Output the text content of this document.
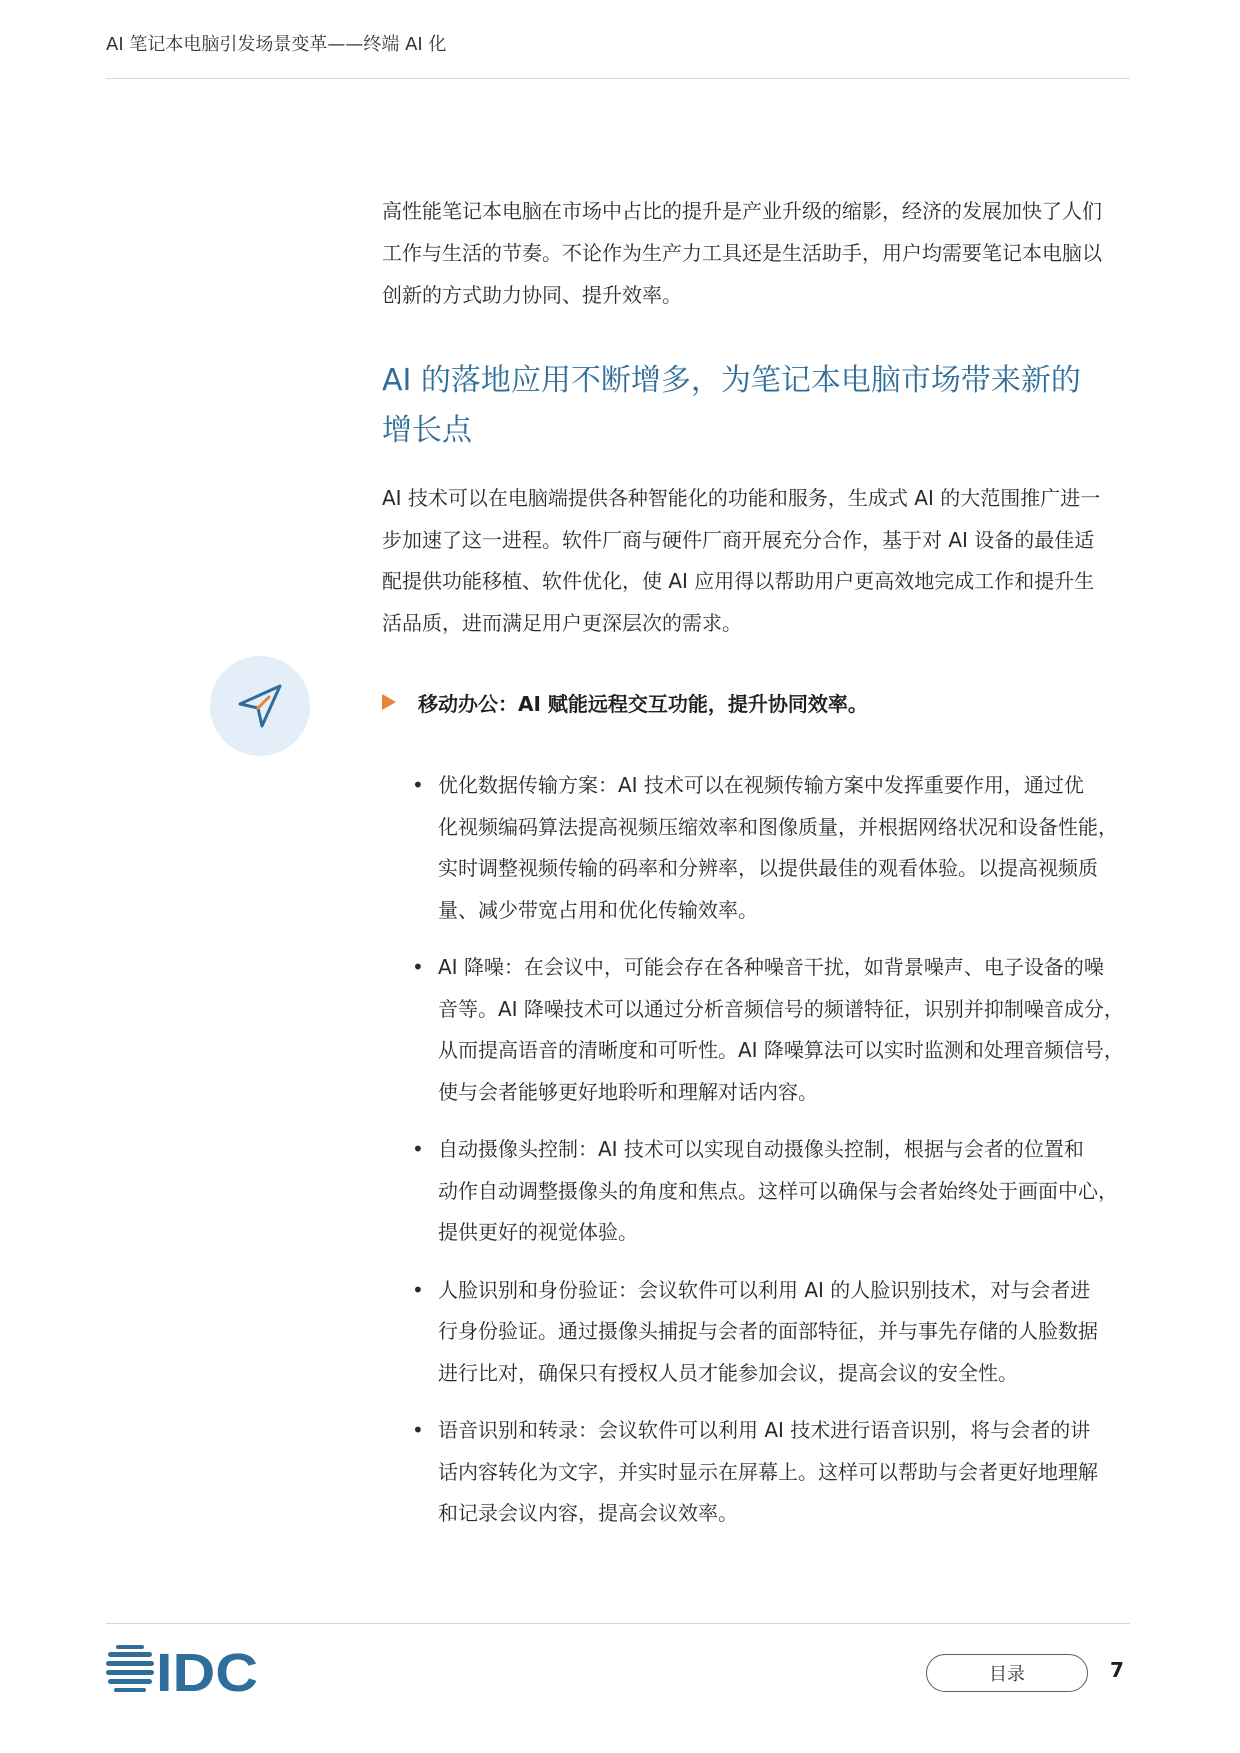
AI 笔记本电脑引发场景变革——终端 AI 化

高性能笔记本电脑在市场中占比的提升是产业升级的缩影，经济的发展加快了人们

工作与生活的节奏。不论作为生产力工具还是生活助手，用户均需要笔记本电脑以

创新的方式助力协同、提升效率。

AI 的落地应用不断增多，为笔记本电脑市场带来新的
增长点

AI 技术可以在电脑端提供各种智能化的功能和服务，生成式 AI 的大范围推广进一

步加速了这一进程。软件厂商与硬件厂商开展充分合作，基于对 AI 设备的最佳适

配提供功能移植、软件优化，使 AI 应用得以帮助用户更高效地完成工作和提升生

活品质，进而满足用户更深层次的需求。

移动办公：AI 赋能远程交互功能，提升协同效率。
• 优化数据传输方案：AI 技术可以在视频传输方案中发挥重要作用，通过优
化视频编码算法提高视频压缩效率和图像质量，并根据网络状况和设备性能，
实时调整视频传输的码率和分辨率，以提供最佳的观看体验。以提高视频质
量、减少带宽占用和优化传输效率。
• AI 降噪：在会议中，可能会存在各种噪音干扰，如背景噪声、电子设备的噪
音等。AI 降噪技术可以通过分析音频信号的频谱特征，识别并抑制噪音成分，
从而提高语音的清晰度和可听性。AI 降噪算法可以实时监测和处理音频信号，
使与会者能够更好地聆听和理解对话内容。
• 自动摄像头控制：AI 技术可以实现自动摄像头控制，根据与会者的位置和
动作自动调整摄像头的角度和焦点。这样可以确保与会者始终处于画面中心，
提供更好的视觉体验。
• 人脸识别和身份验证：会议软件可以利用 AI 的人脸识别技术，对与会者进
行身份验证。通过摄像头捕捉与会者的面部特征，并与事先存储的人脸数据
进行比对，确保只有授权人员才能参加会议，提高会议的安全性。
• 语音识别和转录：会议软件可以利用 AI 技术进行语音识别，将与会者的讲
话内容转化为文字，并实时显示在屏幕上。这样可以帮助与会者更好地理解
和记录会议内容，提高会议效率。
IDC	目录	7
